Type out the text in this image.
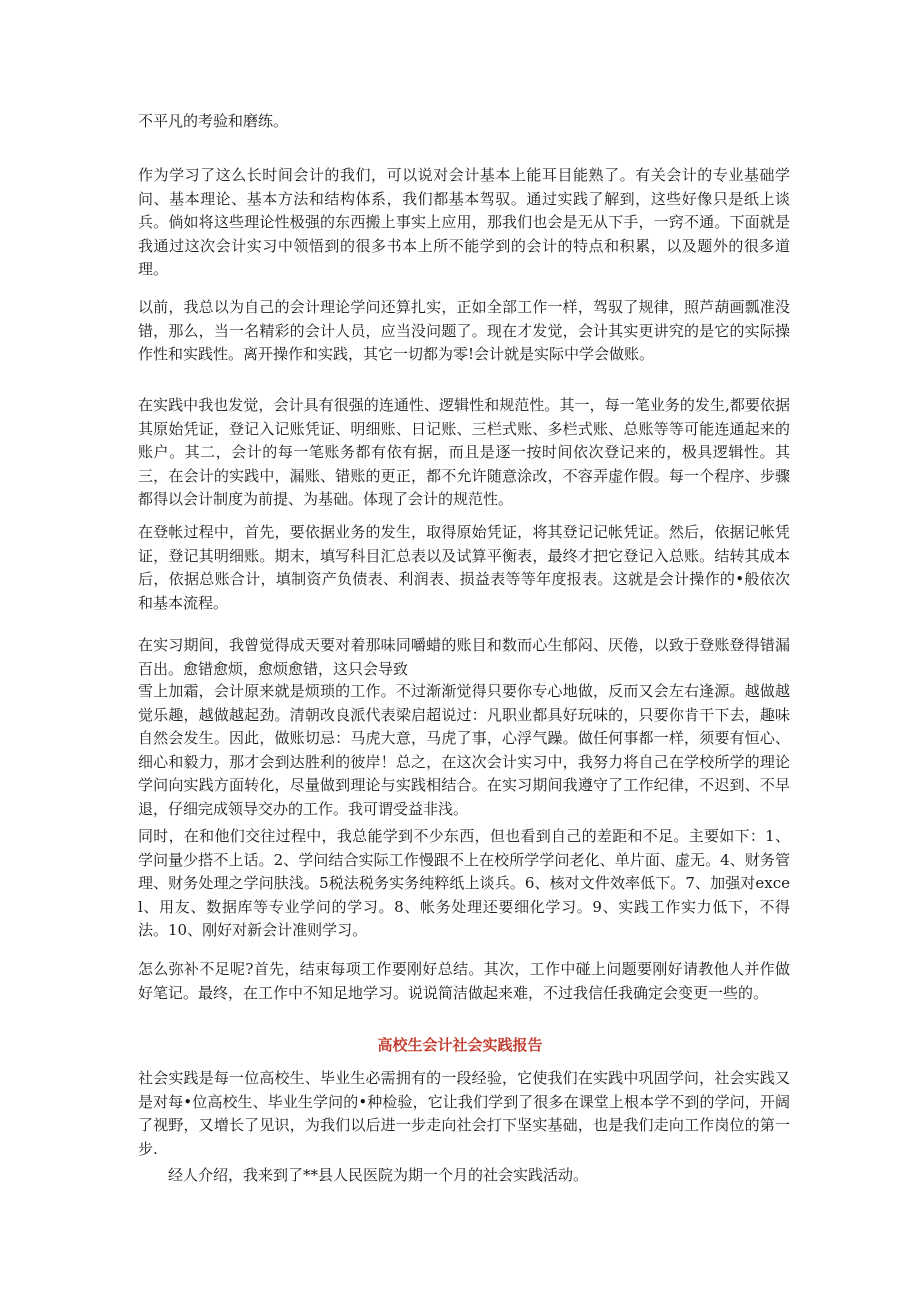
不平凡的考验和磨练。

作为学习了这么长时间会计的我们，可以说对会计基本上能耳目能熟了。有关会计的专业基础学问、基本理论、基本方法和结构体系，我们都基本驾驭。通过实践了解到，这些好像只是纸上谈兵。倘如将这些理论性极强的东西搬上事实上应用，那我们也会是无从下手，一窍不通。下面就是我通过这次会计实习中领悟到的很多书本上所不能学到的会计的特点和积累，以及题外的很多道理。

以前，我总以为自己的会计理论学问还算扎实，正如全部工作一样，驾驭了规律，照芦葫画瓢准没错，那么，当一名精彩的会计人员，应当没问题了。现在才发觉，会计其实更讲究的是它的实际操作性和实践性。离开操作和实践，其它一切都为零!会计就是实际中学会做账。

在实践中我也发觉，会计具有很强的连通性、逻辑性和规范性。其一，每一笔业务的发生,都要依据其原始凭证，登记入记账凭证、明细账、日记账、三栏式账、多栏式账、总账等等可能连通起来的账户。其二，会计的每一笔账务都有依有据，而且是逐一按时间依次登记来的，极具逻辑性。其三，在会计的实践中，漏账、错账的更正，都不允许随意涂改，不容弄虚作假。每一个程序、步骤都得以会计制度为前提、为基础。体现了会计的规范性。

在登帐过程中，首先，要依据业务的发生，取得原始凭证，将其登记记帐凭证。然后，依据记帐凭证，登记其明细账。期末，填写科目汇总表以及试算平衡表，最终才把它登记入总账。结转其成本后，依据总账合计，填制资产负债表、利润表、损益表等等年度报表。这就是会计操作的•般依次和基本流程。

在实习期间，我曾觉得成天要对着那味同嚼蜡的账目和数而心生郁闷、厌倦，以致于登账登得错漏百出。愈错愈烦，愈烦愈错，这只会导致

雪上加霜，会计原来就是烦琐的工作。不过渐渐觉得只要你专心地做，反而又会左右逢源。越做越觉乐趣，越做越起劲。清朝改良派代表梁启超说过：凡职业都具好玩味的，只要你肯干下去，趣味自然会发生。因此，做账切忌：马虎大意，马虎了事，心浮气躁。做任何事都一样，须要有恒心、细心和毅力，那才会到达胜利的彼岸！总之，在这次会计实习中，我努力将自己在学校所学的理论学问向实践方面转化，尽量做到理论与实践相结合。在实习期间我遵守了工作纪律，不迟到、不早退，仔细完成领导交办的工作。我可谓受益非浅。

同时，在和他们交往过程中，我总能学到不少东西，但也看到自己的差距和不足。主要如下：1、学问量少搭不上话。2、学问结合实际工作慢跟不上在校所学学问老化、单片面、虚无。4、财务管理、财务处理之学问肤浅。5税法税务实务纯粹纸上谈兵。6、核对文件效率低下。7、加强对excel、用友、数据库等专业学问的学习。8、帐务处理还要细化学习。9、实践工作实力低下，不得法。10、刚好对新会计准则学习。

怎么弥补不足呢?首先，结束每项工作要刚好总结。其次，工作中碰上问题要刚好请教他人并作做好笔记。最终，在工作中不知足地学习。说说简洁做起来难，不过我信任我确定会变更一些的。

高校生会计社会实践报告

社会实践是每一位高校生、毕业生必需拥有的一段经验，它使我们在实践中巩固学问，社会实践又是对每•位高校生、毕业生学问的•种检验，它让我们学到了很多在课堂上根本学不到的学问，开阔了视野，又增长了见识，为我们以后进一步走向社会打下坚实基础，也是我们走向工作岗位的第一步.

经人介绍，我来到了**县人民医院为期一个月的社会实践活动。
